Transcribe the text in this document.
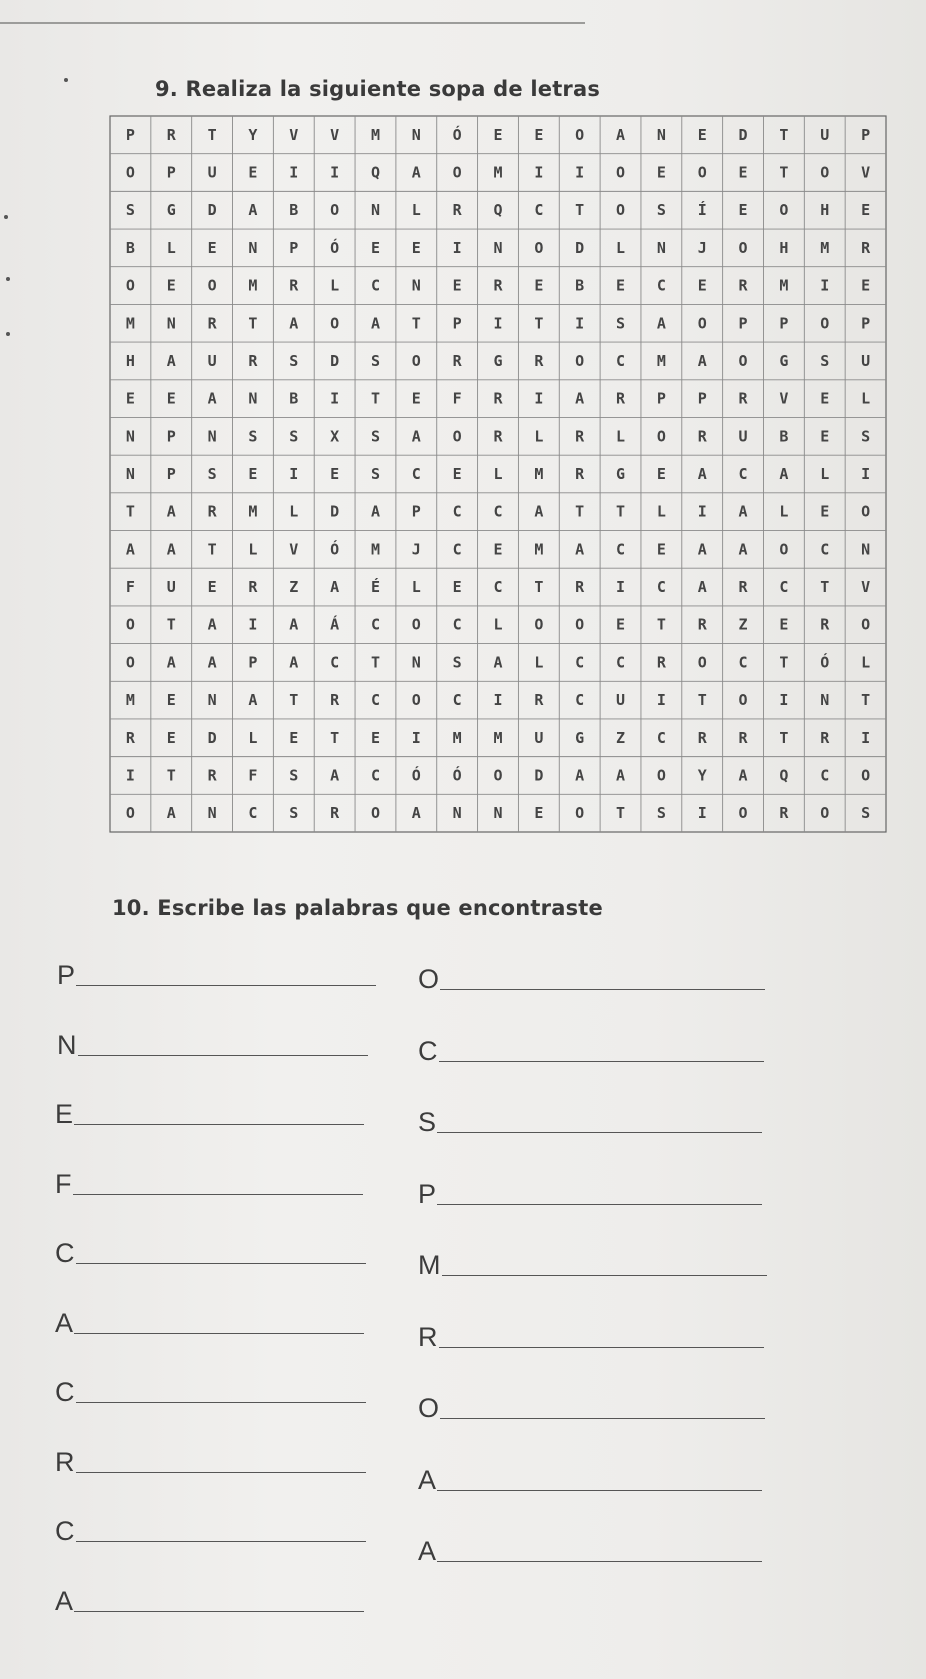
9. Realiza la siguiente sopa de letras
P R T Y V V M N Ó E E O A N E D T U P
O P U E I I Q A O M I I O E O E T O V
S G D A B O N L R Q C T O S Í E O H E
B L E N P Ó E E I N O D L N J O H M R
O E O M R L C N E R E B E C E R M I E
M N R T A O A T P I T I S A O P P O P
H A U R S D S O R G R O C M A O G S U
E E A N B I T E F R I A R P P R V E L
N P N S S X S A O R L R L O R U B E S
N P S E I E S C E L M R G E A C A L I
T A R M L D A P C C A T T L I A L E O
A A T L V Ó M J C E M A C E A A O C N
F U E R Z A É L E C T R I C A R C T V
O T A I A Á C O C L O O E T R Z E R O
O A A P A C T N S A L C C R O C T Ó L
M E N A T R C O C I R C U I T O I N T
R E D L E T E I M M U G Z C R R T R I
I T R F S A C Ó Ó O D A A O Y A Q C O
O A N C S R O A N N E O T S I O R O S
10. Escribe las palabras que encontraste
P
N
E
F
C
A
C
R
C
A
O
C
S
P
M
R
O
A
A
